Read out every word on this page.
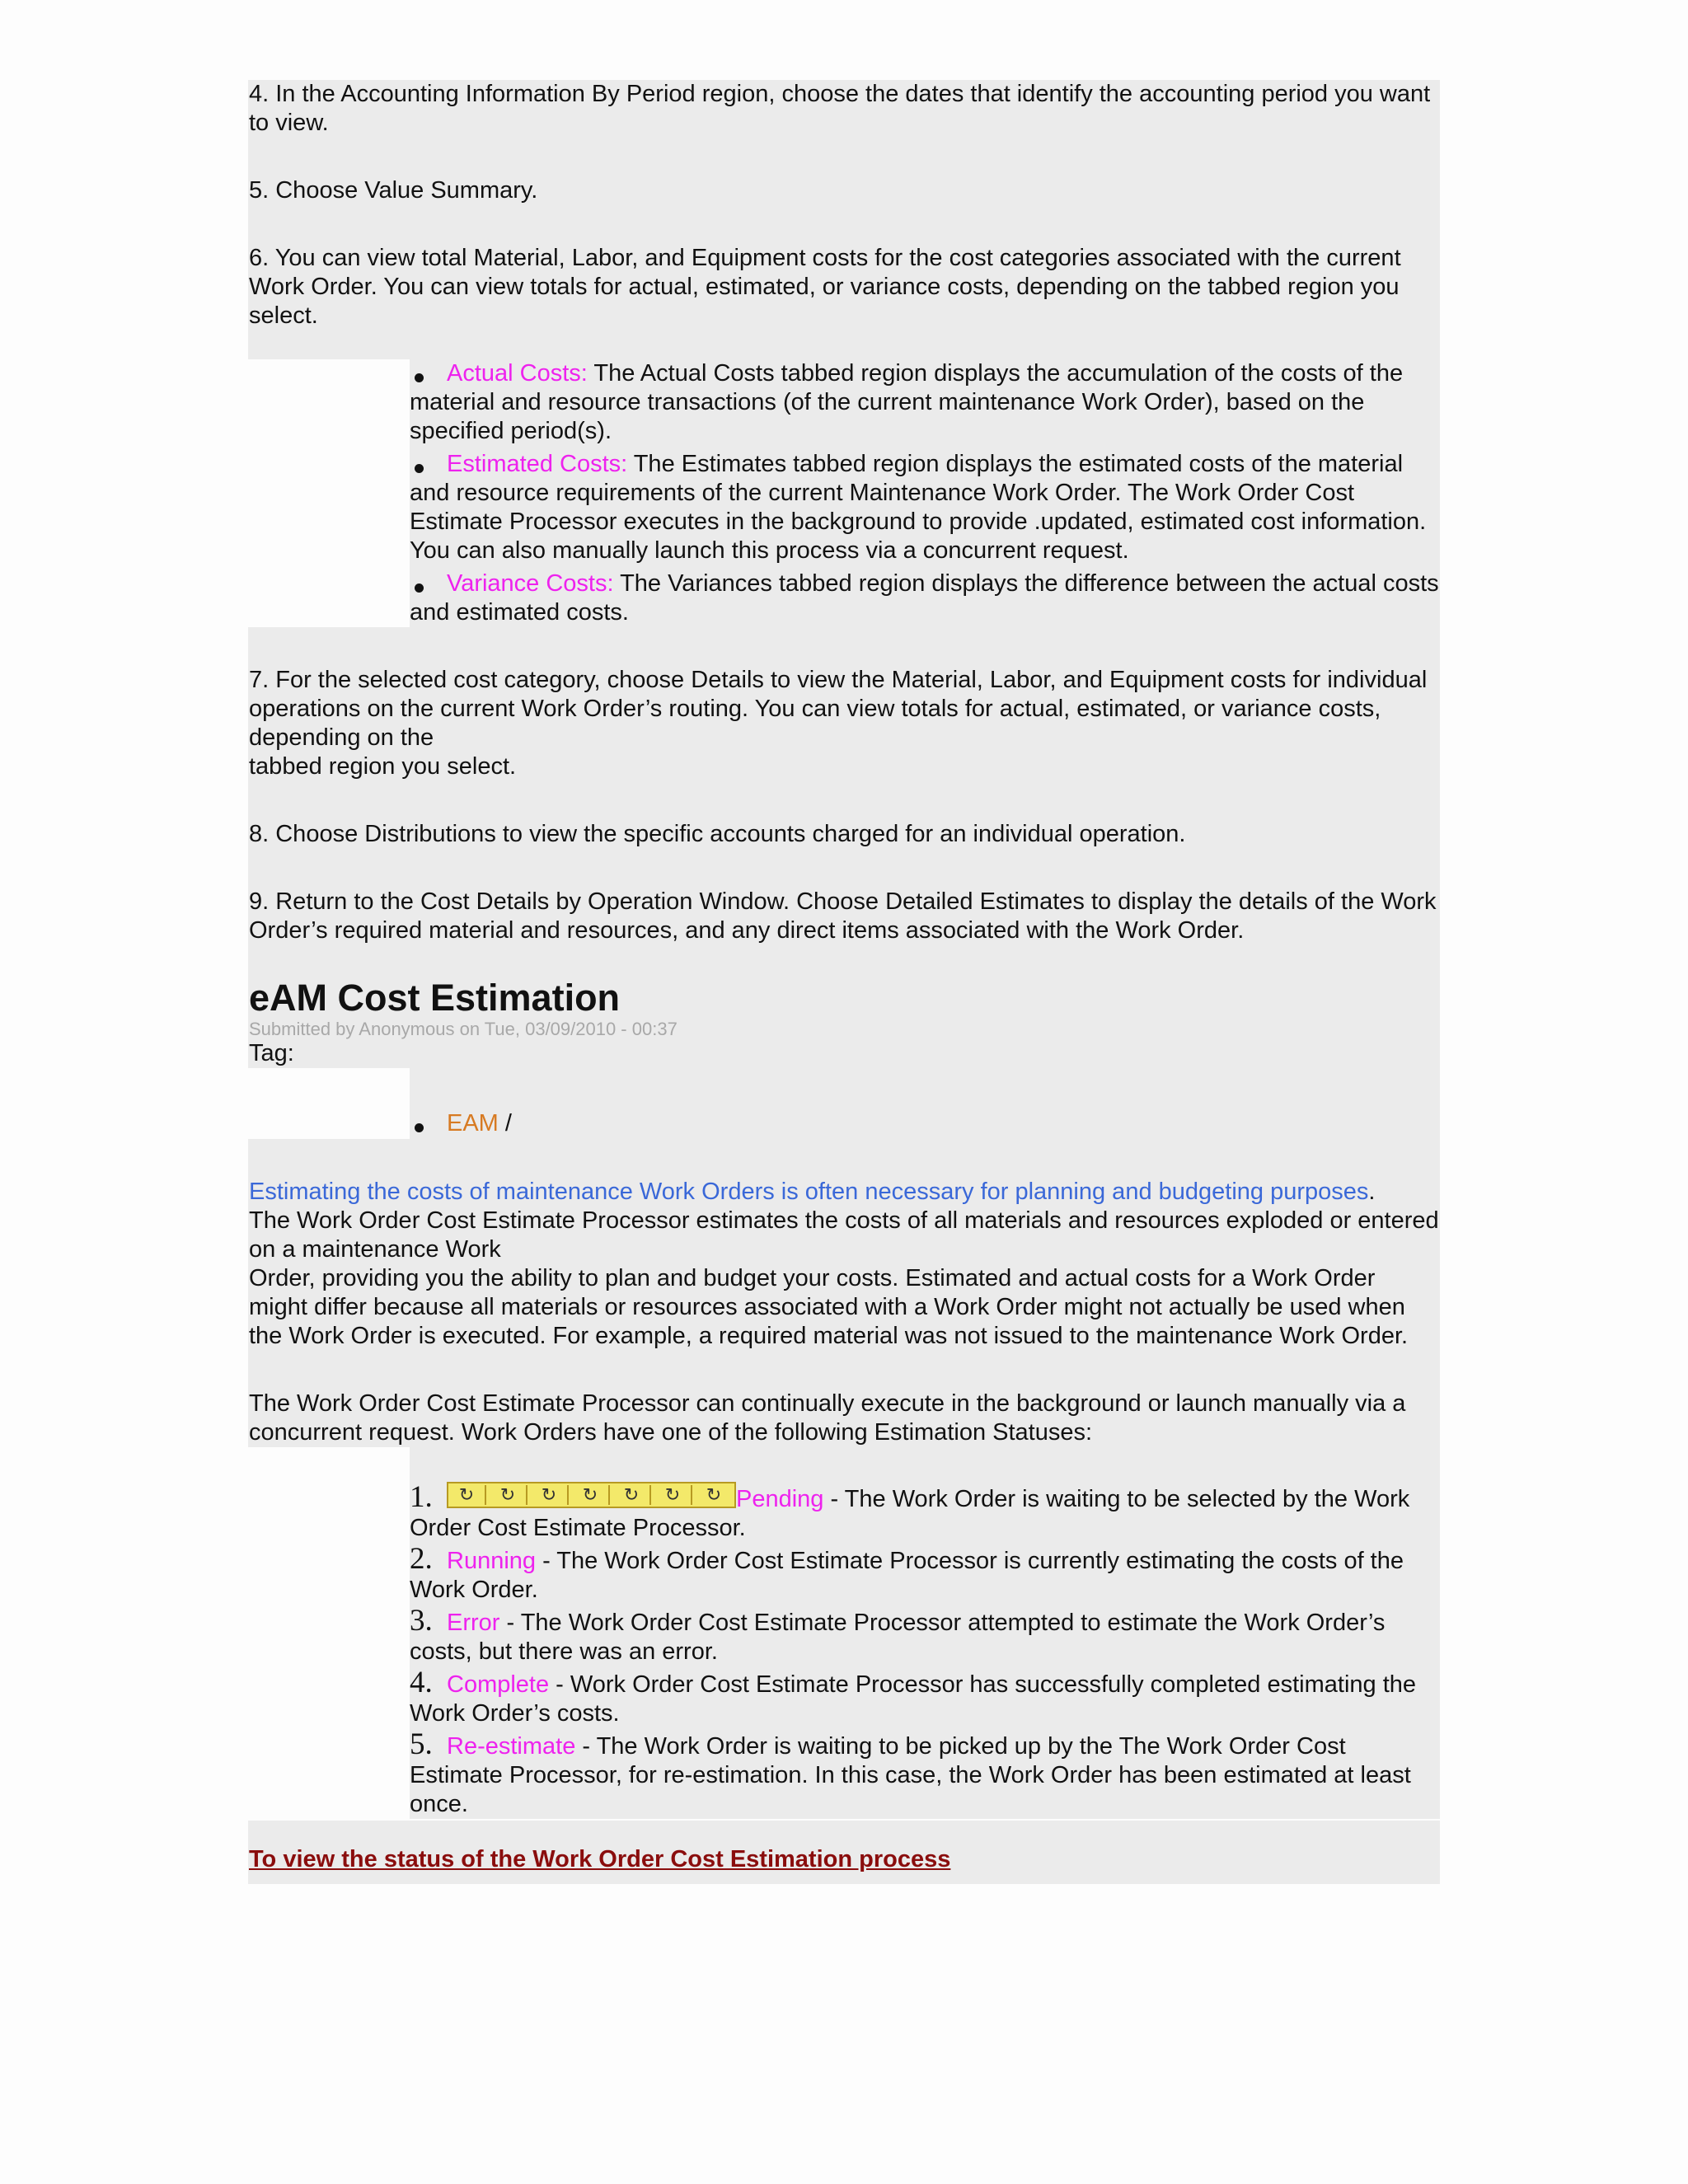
4. In the Accounting Information By Period region, choose the dates that identify the accounting period you want to view.

5. Choose Value Summary.

6. You can view total Material, Labor, and Equipment costs for the cost categories associated with the current Work Order. You can view totals for actual, estimated, or variance costs, depending on the tabbed region you select.

Actual Costs: The Actual Costs tabbed region displays the accumulation of the costs of the material and resource transactions (of the current maintenance Work Order), based on the specified period(s).
Estimated Costs: The Estimates tabbed region displays the estimated costs of the material and resource requirements of the current Maintenance Work Order. The Work Order Cost Estimate Processor executes in the background to provide .updated, estimated cost information. You can also manually launch this process via a concurrent request.
Variance Costs: The Variances tabbed region displays the difference between the actual costs and estimated costs.

7. For the selected cost category, choose Details to view the Material, Labor, and Equipment costs for individual operations on the current Work Order’s routing. You can view totals for actual, estimated, or variance costs, depending on the
tabbed region you select.

8. Choose Distributions to view the specific accounts charged for an individual operation.

9. Return to the Cost Details by Operation Window. Choose Detailed Estimates to display the details of the Work Order’s required material and resources, and any direct items associated with the Work Order.

eAM Cost Estimation
Submitted by Anonymous on Tue, 03/09/2010 - 00:37

Tag:

EAM /

Estimating the costs of maintenance Work Orders is often necessary for planning and budgeting purposes.
The Work Order Cost Estimate Processor estimates the costs of all materials and resources exploded or entered on a maintenance Work
Order, providing you the ability to plan and budget your costs. Estimated and actual costs for a Work Order might differ because all materials or resources associated with a Work Order might not actually be used when the Work Order is executed. For example, a required material was not issued to the maintenance Work Order.

The Work Order Cost Estimate Processor can continually execute in the background or launch manually via a concurrent request. Work Orders have one of the following Estimation Statuses:

1.	↻	↻	↻	↻	↻	↻	↻ Pending - The Work Order is waiting to be selected by the Work Order Cost Estimate Processor.
2. Running - The Work Order Cost Estimate Processor is currently estimating the costs of the Work Order.
3. Error - The Work Order Cost Estimate Processor attempted to estimate the Work Order’s costs, but there was an error.
4. Complete - Work Order Cost Estimate Processor has successfully completed estimating the Work Order’s costs.
5. Re-estimate - The Work Order is waiting to be picked up by the The Work Order Cost Estimate Processor, for re-estimation. In this case, the Work Order has been estimated at least once.
To view the status of the Work Order Cost Estimation process
